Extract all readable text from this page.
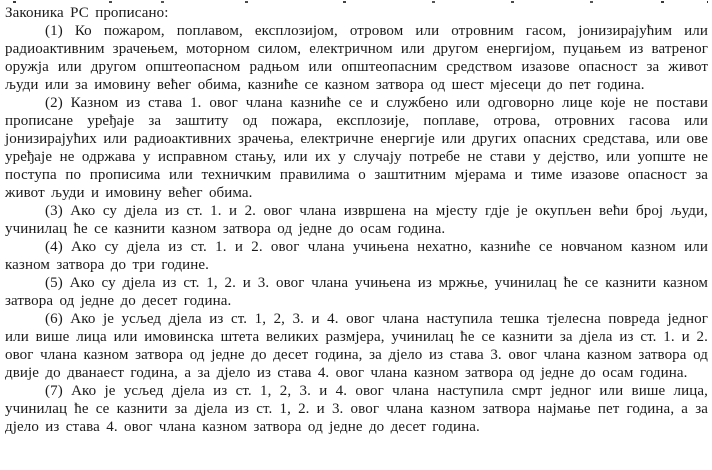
Законика РС прописано:

(1) Ко пожаром, поплавом, експлозијом, отровом или отровним гасом, јонизирајућим или радиоактивним зрачењем, моторном силом, електричном или другом енергијом, пуцањем из ватреног оружја или другом општеопасном радњом или општеопасним средством изазове опасност за живот људи или за имовину већег обима, казниће се казном затвора од шест мјесеци до пет година.

(2) Казном из става 1. овог члана казниће се и службено или одговорно лице које не постави прописане уређаје за заштиту од пожара, експлозије, поплаве, отрова, отровних гасова или јонизирајућих или радиоактивних зрачења, електричне енергије или других опасних средстава, или ове уређаје не одржава у исправном стању, или их у случају потребе не стави у дејство, или уопште не поступа по прописима или техничким правилима о заштитним мјерама и тиме изазове опасност за живот људи и имовину већег обима.

(3) Ако су дјела из ст. 1. и 2. овог члана извршена на мјесту гдје је окупљен већи број људи, учинилац ће се казнити казном затвора од једне до осам година.

(4) Ако су дјела из ст. 1. и 2. овог члана учињена нехатно, казниће се новчаном казном или казном затвора до три године.

(5) Ако су дјела из ст. 1, 2. и 3. овог члана учињена из мржње, учинилац ће се казнити казном затвора од једне до десет година.

(6) Ако је усљед дјела из ст. 1, 2, 3. и 4. овог члана наступила тешка тјелесна повреда једног или више лица или имовинска штета великих размјера, учинилац ће се казнити за дјела из ст. 1. и 2. овог члана казном затвора од једне до десет година, за дјело из става 3. овог члана казном затвора од двије до дванаест година, а за дјело из става 4. овог члана казном затвора од једне до осам година.

(7) Ако је усљед дјела из ст. 1, 2, 3. и 4. овог члана наступила смрт једног или више лица, учинилац ће се казнити за дјела из ст. 1, 2. и 3. овог члана казном затвора најмање пет година, а за дјело из става 4. овог члана казном затвора од једне до десет година.
